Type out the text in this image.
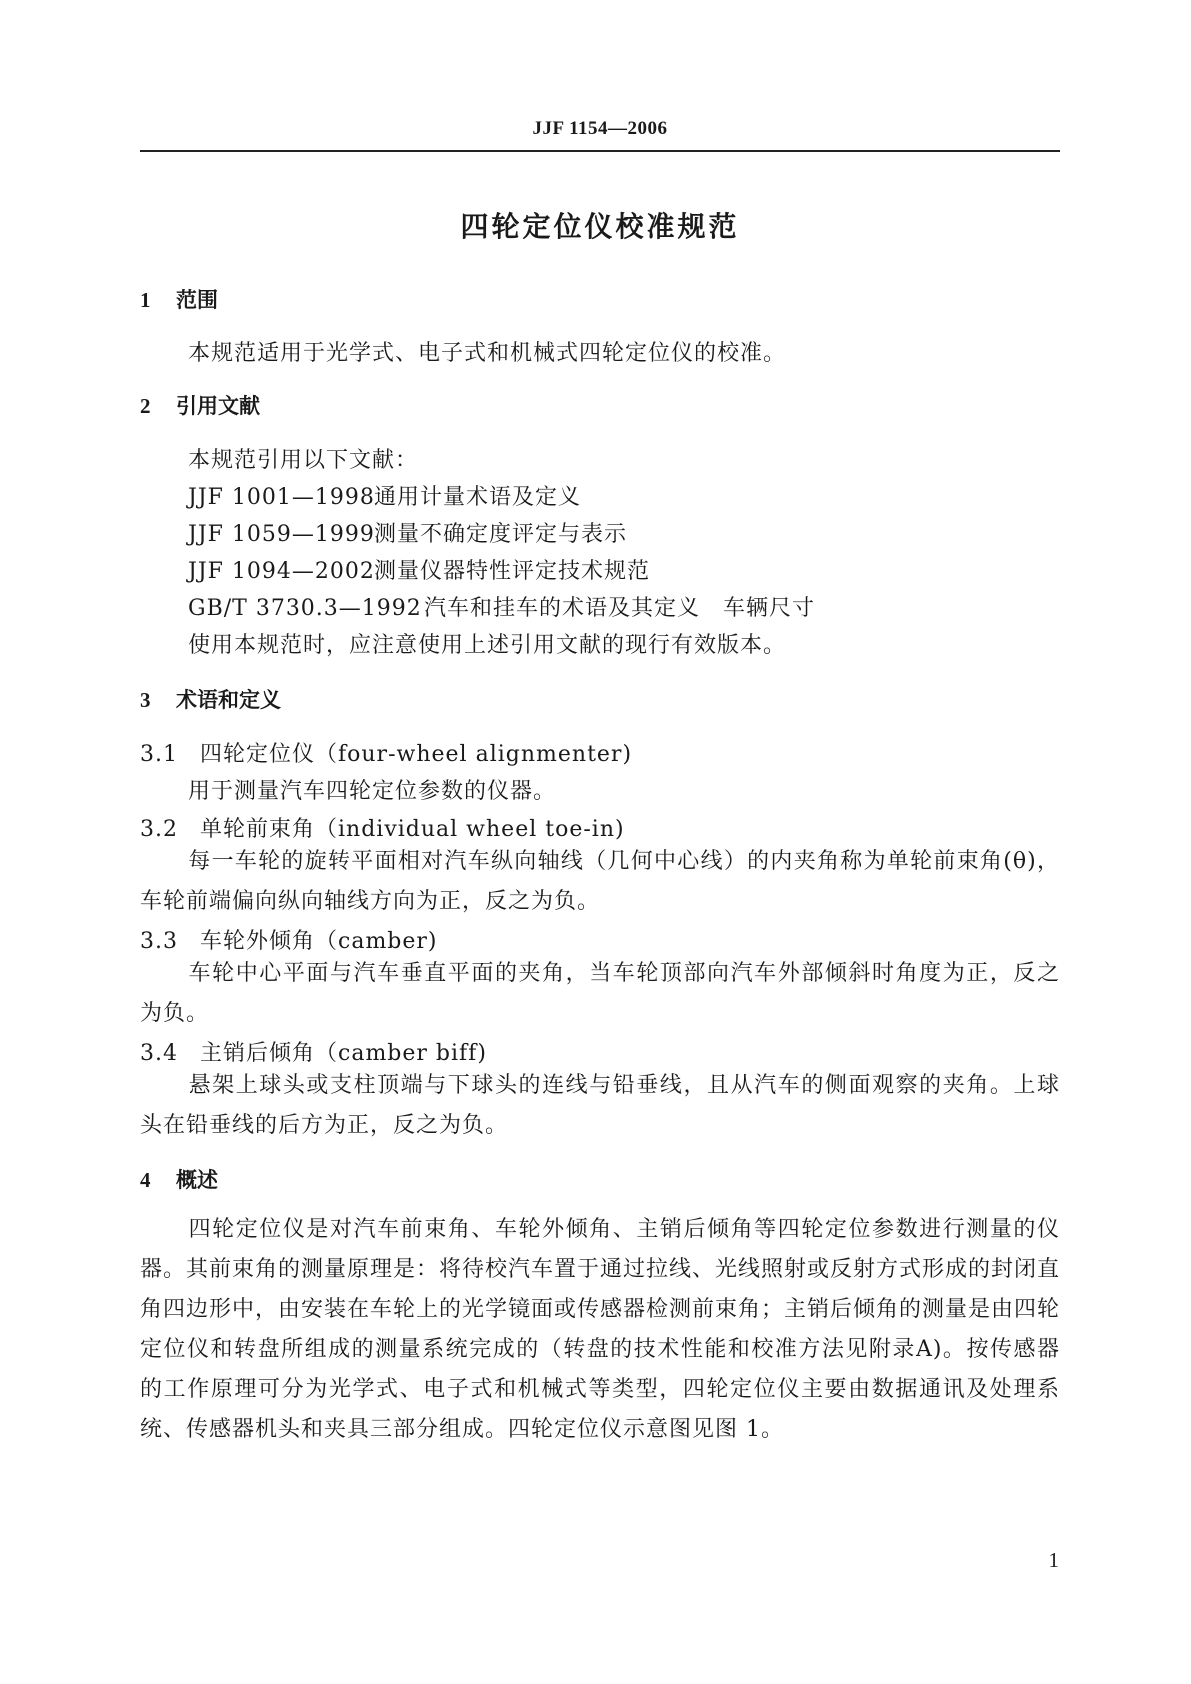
JJF 1154—2006
四轮定位仪校准规范
1 范围
本规范适用于光学式、电子式和机械式四轮定位仪的校准。
2 引用文献
本规范引用以下文献：
JJF 1001—1998通用计量术语及定义
JJF 1059—1999测量不确定度评定与表示
JJF 1094—2002测量仪器特性评定技术规范
GB/T 3730.3—1992 汽车和挂车的术语及其定义　车辆尺寸
使用本规范时，应注意使用上述引用文献的现行有效版本。
3 术语和定义
3.1 四轮定位仪（four-wheel alignmenter)
用于测量汽车四轮定位参数的仪器。
3.2 单轮前束角（individual wheel toe-in)
每一车轮的旋转平面相对汽车纵向轴线（几何中心线）的内夹角称为单轮前束角(θ)，车轮前端偏向纵向轴线方向为正，反之为负。
3.3 车轮外倾角（camber)
车轮中心平面与汽车垂直平面的夹角，当车轮顶部向汽车外部倾斜时角度为正，反之为负。
3.4 主销后倾角（camber biff)
悬架上球头或支柱顶端与下球头的连线与铅垂线，且从汽车的侧面观察的夹角。上球头在铅垂线的后方为正，反之为负。
4 概述
四轮定位仪是对汽车前束角、车轮外倾角、主销后倾角等四轮定位参数进行测量的仪器。其前束角的测量原理是：将待校汽车置于通过拉线、光线照射或反射方式形成的封闭直角四边形中，由安装在车轮上的光学镜面或传感器检测前束角；主销后倾角的测量是由四轮定位仪和转盘所组成的测量系统完成的（转盘的技术性能和校准方法见附录A)。按传感器的工作原理可分为光学式、电子式和机械式等类型，四轮定位仪主要由数据通讯及处理系统、传感器机头和夹具三部分组成。四轮定位仪示意图见图 1。
1
